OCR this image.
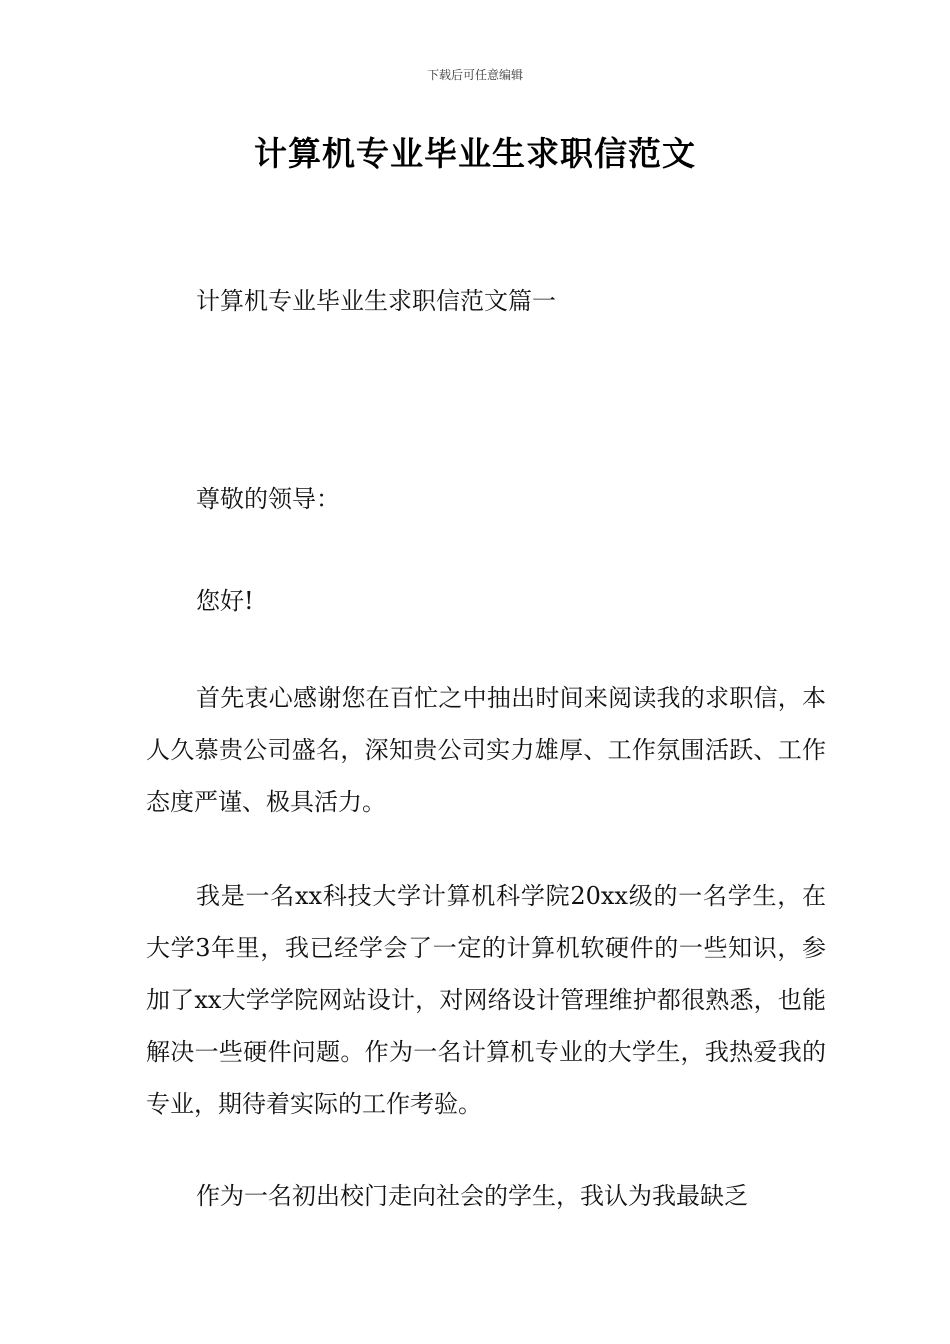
下载后可任意编辑
计算机专业毕业生求职信范文
计算机专业毕业生求职信范文篇一
尊敬的领导：
您好!
首先衷心感谢您在百忙之中抽出时间来阅读我的求职信，本人久慕贵公司盛名，深知贵公司实力雄厚、工作氛围活跃、工作态度严谨、极具活力。
我是一名xx科技大学计算机科学院20xx级的一名学生，在大学3年里，我已经学会了一定的计算机软硬件的一些知识，参加了xx大学学院网站设计，对网络设计管理维护都很熟悉，也能解决一些硬件问题。作为一名计算机专业的大学生，我热爱我的专业，期待着实际的工作考验。
作为一名初出校门走向社会的学生，我认为我最缺乏
